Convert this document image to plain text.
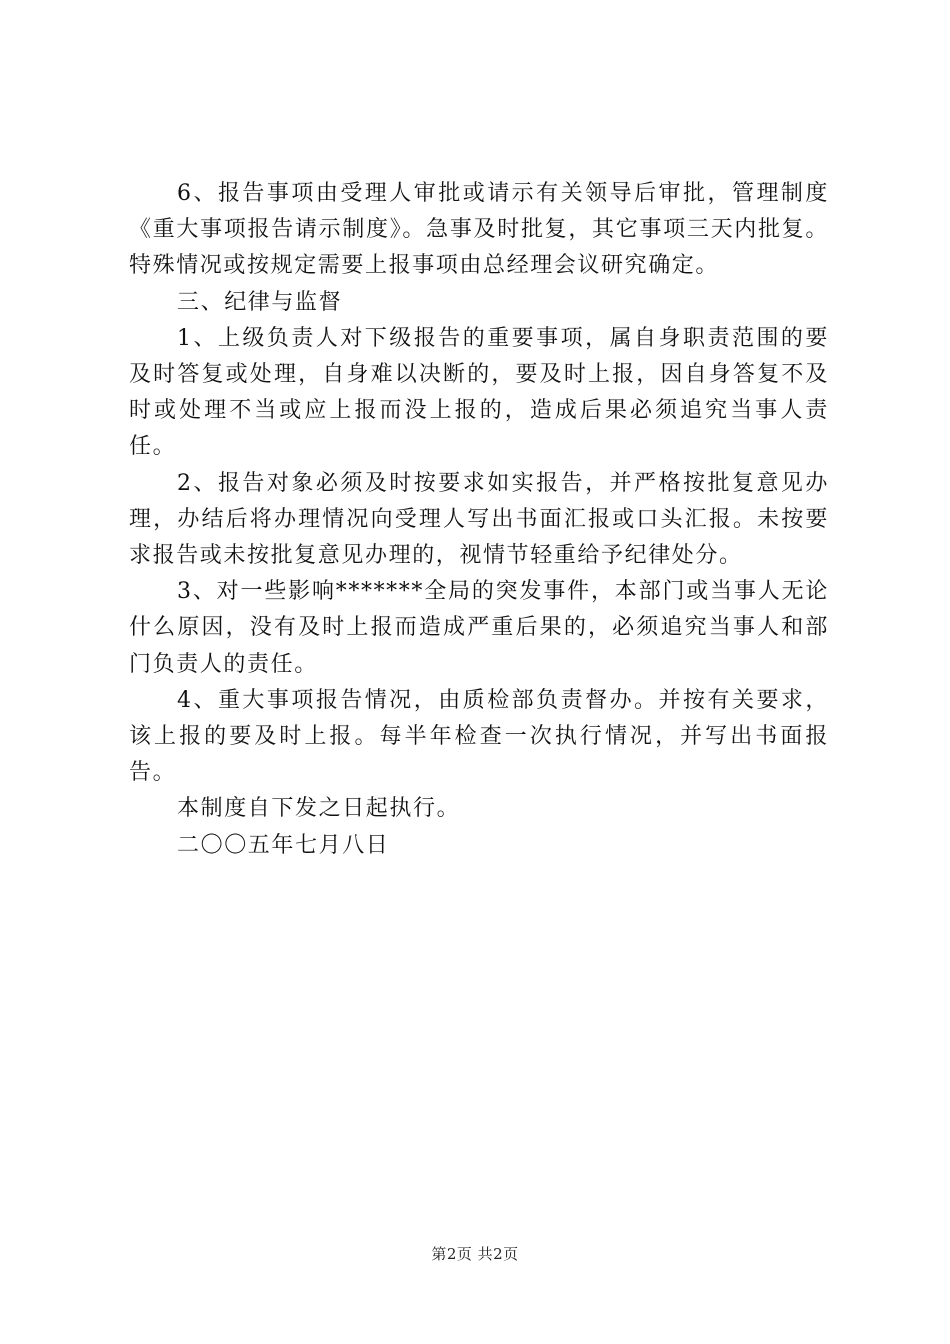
6、报告事项由受理人审批或请示有关领导后审批，管理制度《重大事项报告请示制度》。急事及时批复，其它事项三天内批复。特殊情况或按规定需要上报事项由总经理会议研究确定。

三、纪律与监督

1、上级负责人对下级报告的重要事项，属自身职责范围的要及时答复或处理，自身难以决断的，要及时上报，因自身答复不及时或处理不当或应上报而没上报的，造成后果必须追究当事人责任。

2、报告对象必须及时按要求如实报告，并严格按批复意见办理，办结后将办理情况向受理人写出书面汇报或口头汇报。未按要求报告或未按批复意见办理的，视情节轻重给予纪律处分。

3、对一些影响*******全局的突发事件，本部门或当事人无论什么原因，没有及时上报而造成严重后果的，必须追究当事人和部门负责人的责任。

4、重大事项报告情况，由质检部负责督办。并按有关要求，该上报的要及时上报。每半年检查一次执行情况，并写出书面报告。

本制度自下发之日起执行。

二〇〇五年七月八日

第2页 共2页
